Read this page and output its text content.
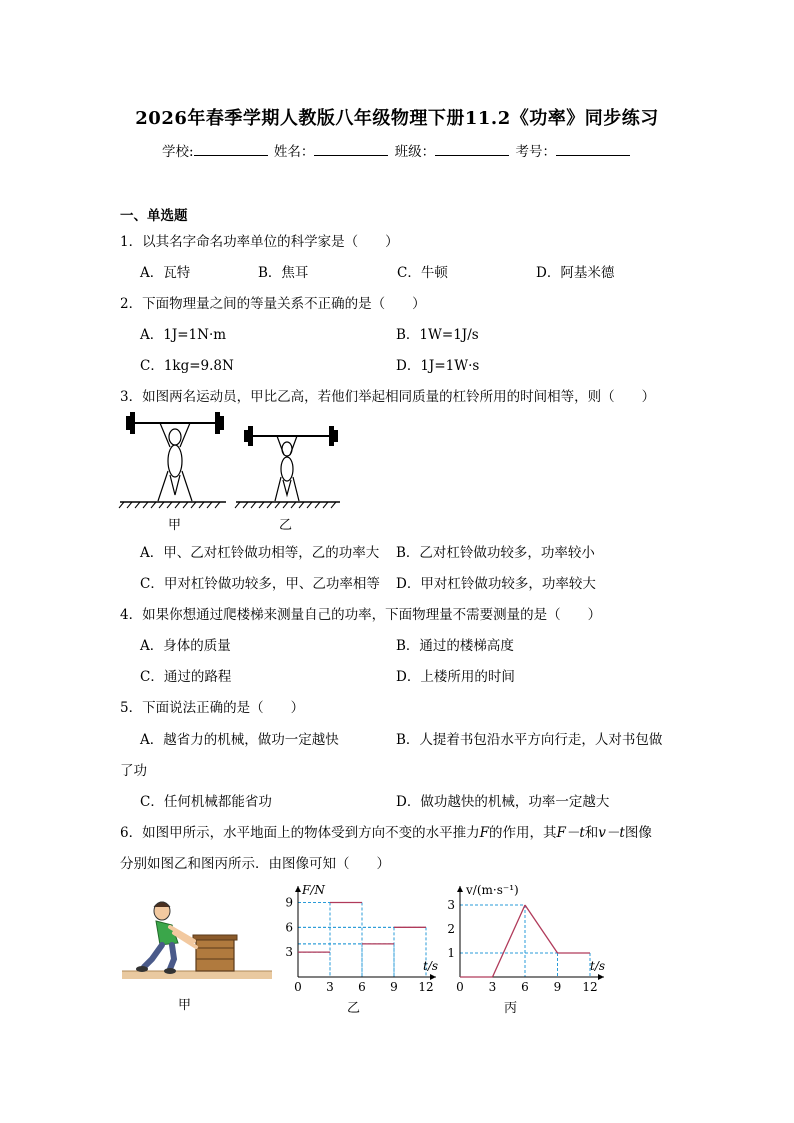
2026年春季学期人教版八年级物理下册11.2《功率》同步练习
学校:	姓名：	班级：	考号：
一、单选题
1．以其名字命名功率单位的科学家是（　　）
A．瓦特	B．焦耳	C．牛顿	D．阿基米德
2．下面物理量之间的等量关系不正确的是（　　）
A．1J=1N·m	B．1W=1J/s
C．1kg=9.8N	D．1J=1W·s
3．如图两名运动员，甲比乙高，若他们举起相同质量的杠铃所用的时间相等，则（　　）
甲	乙
A．甲、乙对杠铃做功相等，乙的功率大 B．乙对杠铃做功较多，功率较小
C．甲对杠铃做功较多，甲、乙功率相等 D．甲对杠铃做功较多，功率较大
4．如果你想通过爬楼梯来测量自己的功率，下面物理量不需要测量的是（　　）
A．身体的质量	B．通过的楼梯高度
C．通过的路程	D．上楼所用的时间
5．下面说法正确的是（　　）
A．越省力的机械，做功一定越快	B．人提着书包沿水平方向行走，人对书包做
了功
C．任何机械都能省功	D．做功越快的机械，功率一定越大
6．如图甲所示，水平地面上的物体受到方向不变的水平推力F的作用，其F－t和v－t图像
分别如图乙和图丙所示．由图像可知（　　）
甲
0 3 6 9 12
3
6
9
F/N
t/s
乙
0 3 6 9 12
1
2
3
v/(m·s⁻¹)
t/s
丙
